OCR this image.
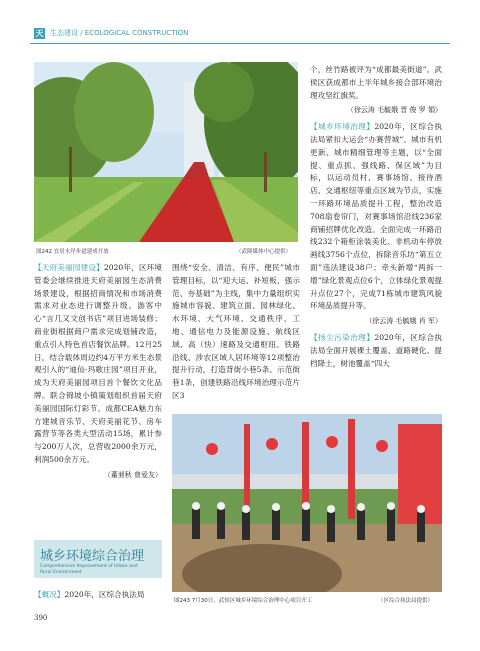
天 生态建设 / ECOLOGICAL CONSTRUCTION
图242 宜居水岸步道建成开放	（武隆媒体中心提供）

个，丝竹路被评为“成都最美街道”。武侯区获成都市上半年城乡接合部环境治理攻坚红旗奖。

（徐云涛 毛毓娥 晋 俊 罗 娟）

【城乡环境治理】2020年，区综合执法局紧扣大运会“办赛营城”、城市有机更新、城市精细管理等主题，以“全面提、重点抓、强线路、保区域”为目标，以运动员村、赛事场馆、接待酒店、交通枢纽等重点区域为节点，实施一环路环境品质提升工程，整治改造708扇卷帘门，对赛事场馆沿线236家商铺招牌优化改造。全面完成一环路沿线232个箱柜涂装美化、非机动车停放画线3756个点位，拆除音乐坊“第五立面”违法建设38户；牵头新增“两拆一增”绿化景观点位6个，立体绿化景观提升点位27个，完成71栋城市建筑风貌环境品质提升等。

（徐云涛 毛毓娥 肖 军）

【扬尘污染治理】2020年，区综合执法局全面开展裸土覆盖、道路硬化、提档降土，树池覆盖“四大

【天府美丽园建设】2020年，区环境管委会继续推进天府美丽园生态消费场景建设，根据招商情况和市场消费需求对业态进行调整升级。游客中心“言几又文创书店”项目进场装修；商业街根据商户需求完成划铺改造，重点引入特色首店餐饮品牌。12月25日，结合载体周边约4万平方米生态景观引入的“迪仙·玛歌庄园”项目开业，成为天府美丽园项目首个餐饮文化品牌。联合锦坡小镇策划组织首届天府美丽园国际灯彩节。成都CEA魅力东方建城音乐节、天府美丽花节、房车露营节等各类大型活动15场，累计参与200万人次，总营收2000余万元，利润500余万元。

（董昶秋 曾爱友）

围绕“安全、清洁、有序、便民”城市管理目标，以“迎大运、补短板、强示范、夯基础”为主线，集中力量组织实施城市容貌、建筑立面、园林绿化、水环境、大气环境、交通秩序、工地、通信电力及能源设施、航线区域、高（快）速路及交通枢纽、铁路沿线、涉农区域人居环境等12项整治提升行动，打造背街小巷5条、示范街巷1条，创建铁路沿线环境治理示范片区3

图243 7月30日，武侯区城乡环境综合治理中心项目开工	（区综合执法局提供）
城乡环境综合治理
Comprehensive Improvement of Urban and Rural Environment

【概况】2020年，区综合执法局

390
